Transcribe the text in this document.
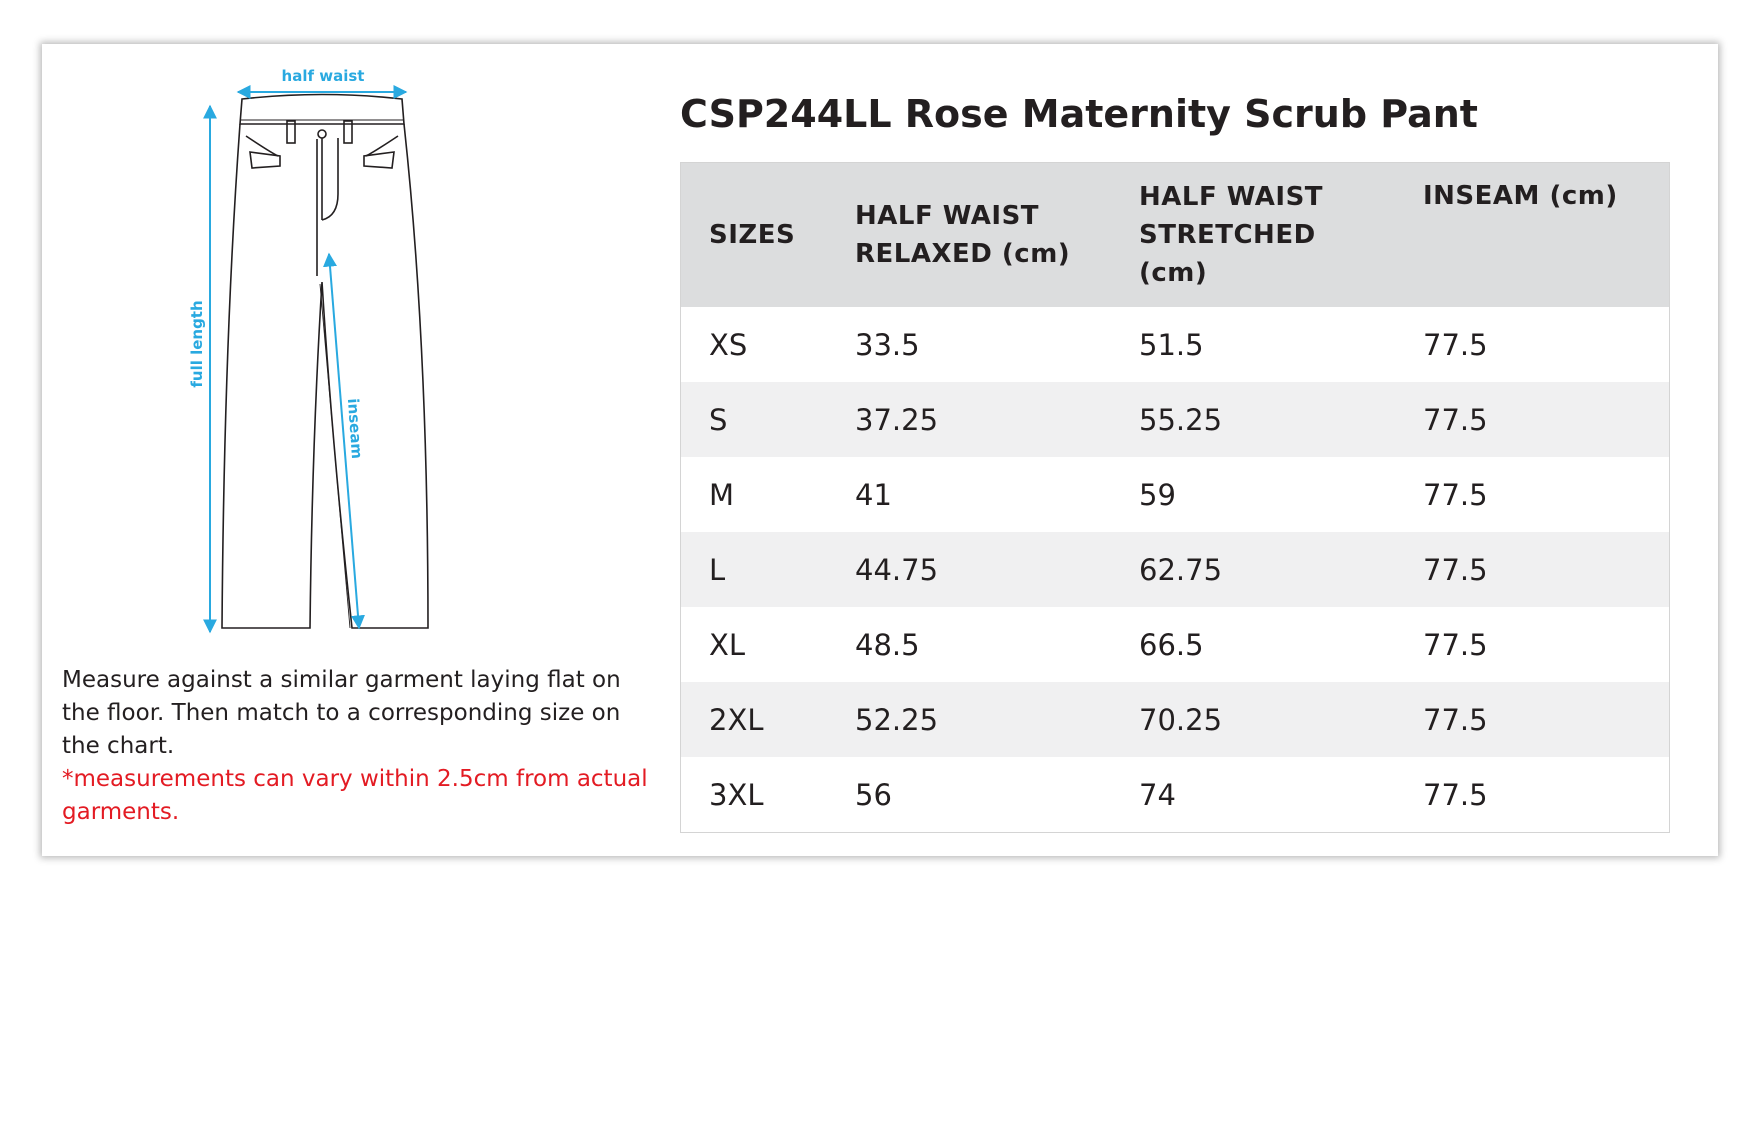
half waist
full length
inseam
Measure against a similar garment laying flat on the floor. Then match to a corresponding size on the chart.
*measurements can vary within 2.5cm from actual garments.
CSP244LL Rose Maternity Scrub Pant
SIZES	HALF WAIST RELAXED (cm)	HALF WAIST STRETCHED (cm)	INSEAM (cm)
XS	33.5	51.5	77.5
S	37.25	55.25	77.5
M	41	59	77.5
L	44.75	62.75	77.5
XL	48.5	66.5	77.5
2XL	52.25	70.25	77.5
3XL	56	74	77.5
